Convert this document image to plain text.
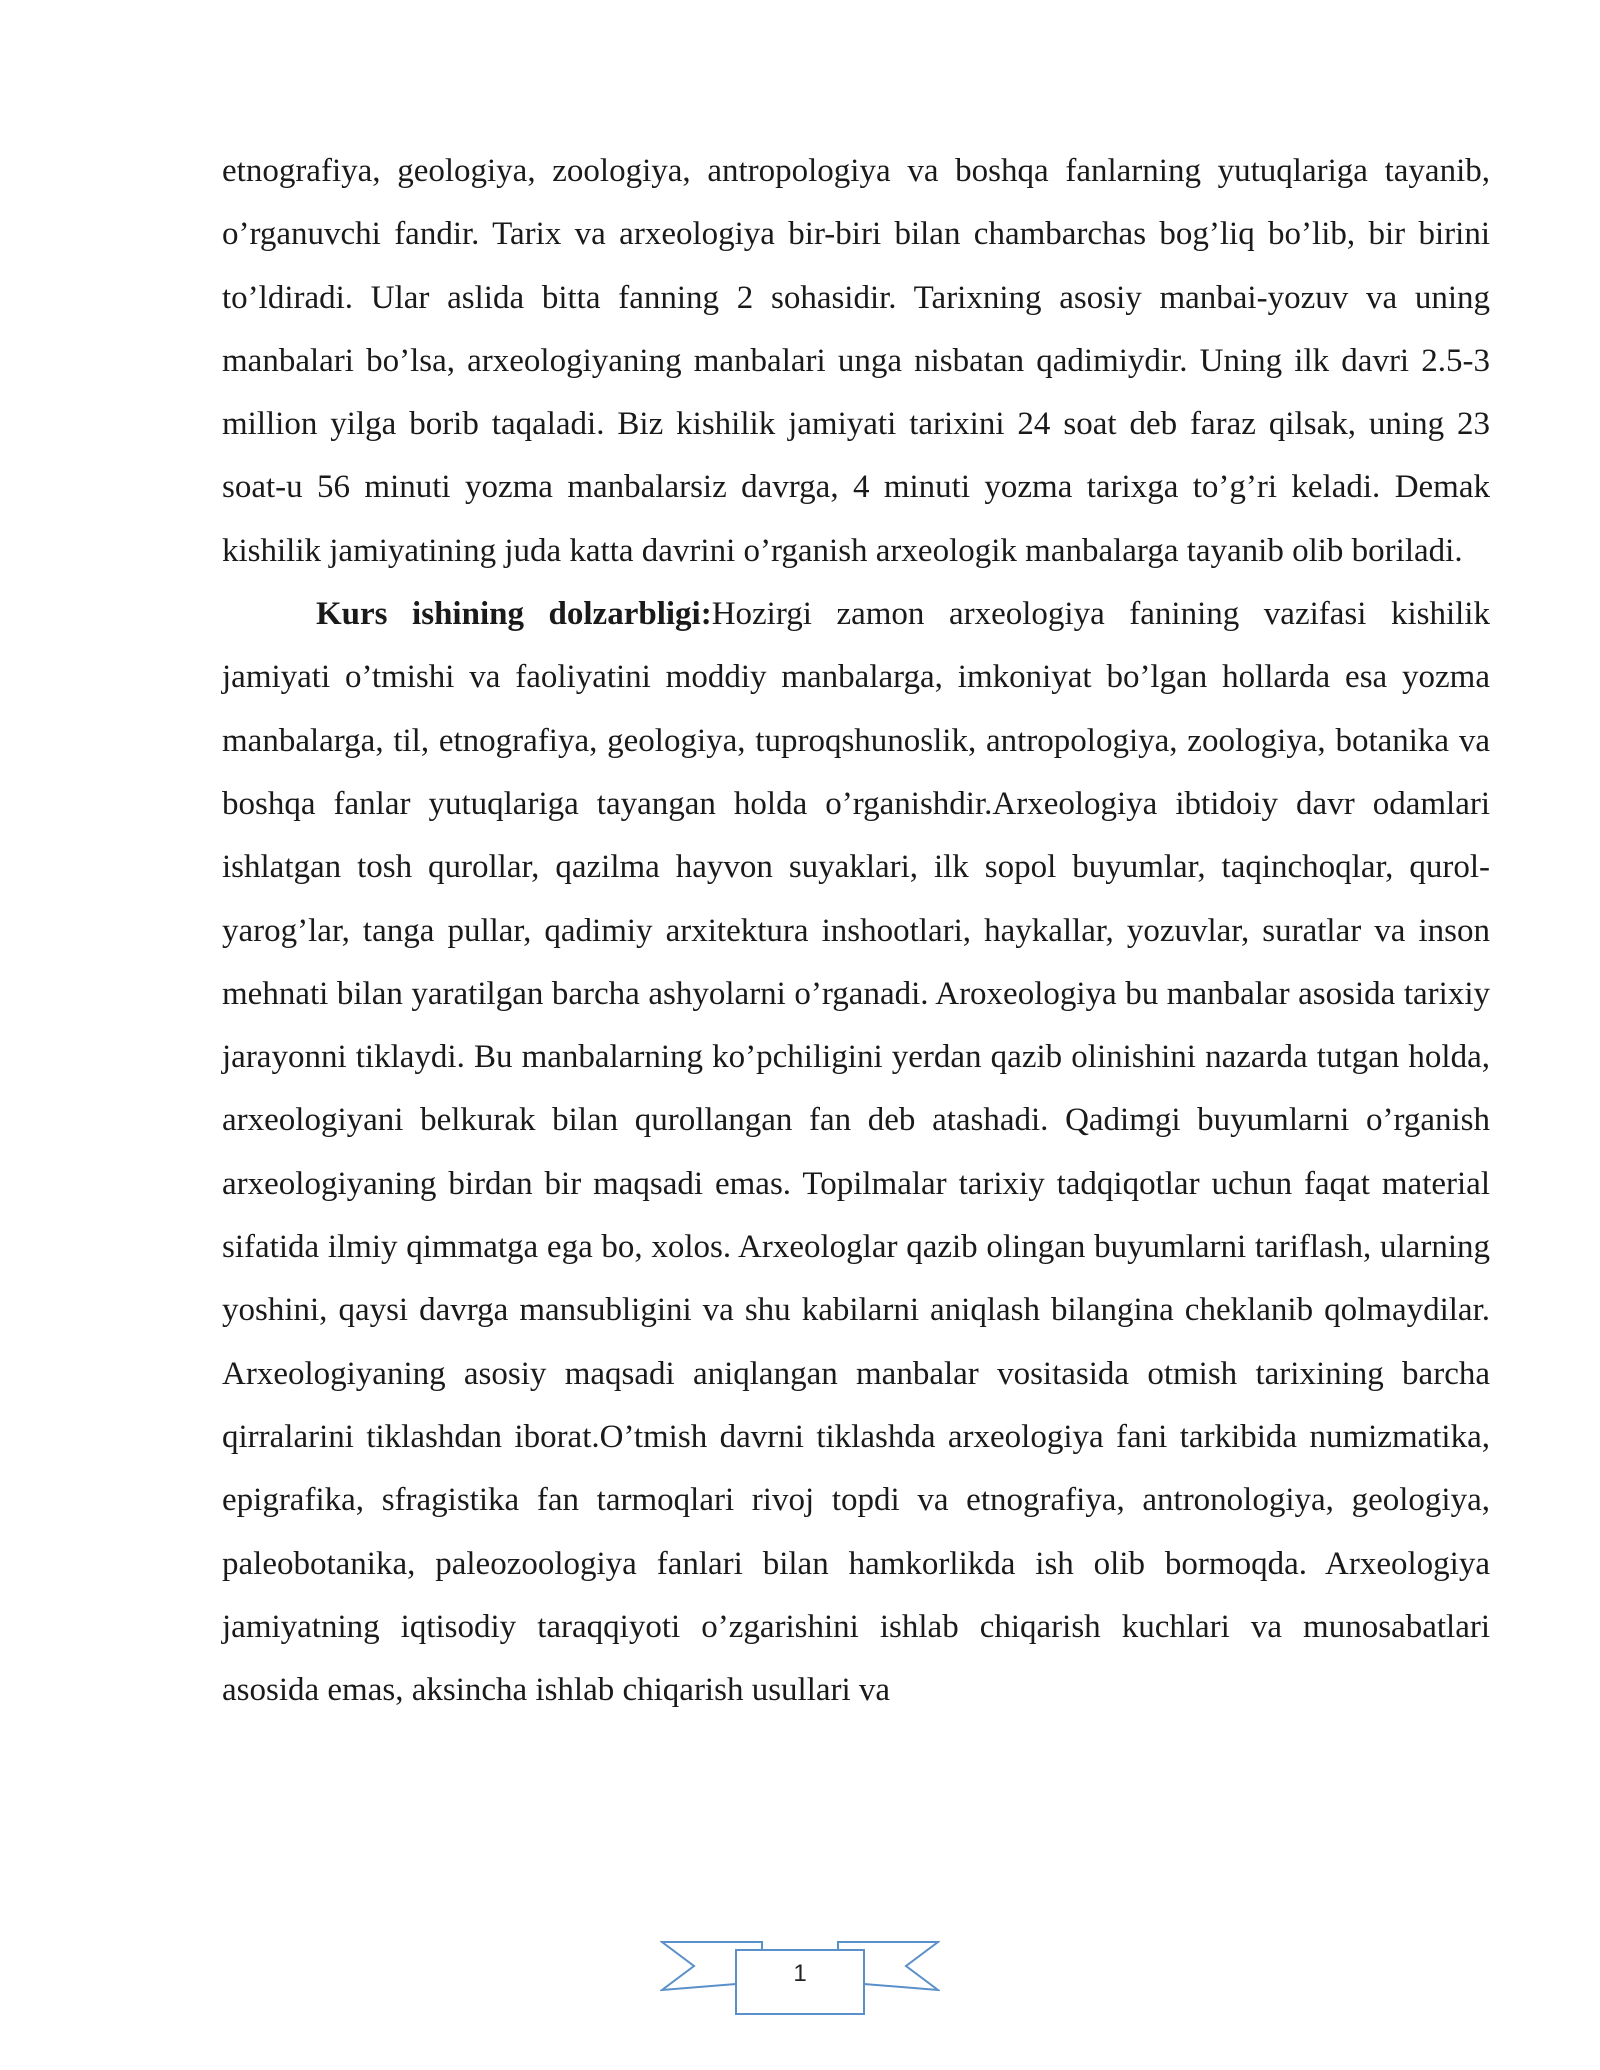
etnografiya, geologiya, zoologiya, antropologiya va boshqa fanlarning yutuqlariga tayanib, o’rganuvchi fandir. Tarix va arxeologiya bir-biri bilan chambarchas bog’liq bo’lib, bir birini to’ldiradi. Ular aslida bitta fanning 2 sohasidir. Tarixning asosiy manbai-yozuv va uning manbalari bo’lsa, arxeologiyaning manbalari unga nisbatan qadimiydir. Uning ilk davri 2.5-3 million yilga borib taqaladi. Biz kishilik jamiyati tarixini 24 soat deb faraz qilsak, uning 23 soat-u 56 minuti yozma manbalarsiz davrga, 4 minuti yozma tarixga to’g’ri keladi. Demak kishilik jamiyatining juda katta davrini o’rganish arxeologik manbalarga tayanib olib boriladi.

Kurs ishining dolzarbligi:Hozirgi zamon arxeologiya fanining vazifasi kishilik jamiyati o’tmishi va faoliyatini moddiy manbalarga, imkoniyat bo’lgan hollarda esa yozma manbalarga, til, etnografiya, geologiya, tuproqshunoslik, antropologiya, zoologiya, botanika va boshqa fanlar yutuqlariga tayangan holda o’rganishdir.Arxeologiya ibtidoiy davr odamlari ishlatgan tosh qurollar, qazilma hayvon suyaklari, ilk sopol buyumlar, taqinchoqlar, qurol-yarog’lar, tanga pullar, qadimiy arxitektura inshootlari, haykallar, yozuvlar, suratlar va inson mehnati bilan yaratilgan barcha ashyolarni o’rganadi. Aroxeologiya bu manbalar asosida tarixiy jarayonni tiklaydi. Bu manbalarning ko’pchiligini yerdan qazib olinishini nazarda tutgan holda, arxeologiyani belkurak bilan qurollangan fan deb atashadi. Qadimgi buyumlarni o’rganish arxeologiyaning birdan bir maqsadi emas. Topilmalar tarixiy tadqiqotlar uchun faqat material sifatida ilmiy qimmatga ega bo, xolos. Arxeologlar qazib olingan buyumlarni tariflash, ularning yoshini, qaysi davrga mansubligini va shu kabilarni aniqlash bilangina cheklanib qolmaydilar. Arxeologiyaning asosiy maqsadi aniqlangan manbalar vositasida otmish tarixining barcha qirralarini tiklashdan iborat.O’tmish davrni tiklashda arxeologiya fani tarkibida numizmatika, epigrafika, sfragistika fan tarmoqlari rivoj topdi va etnografiya, antronologiya, geologiya, paleobotanika, paleozoologiya fanlari bilan hamkorlikda ish olib bormoqda. Arxeologiya jamiyatning iqtisodiy taraqqiyoti o’zgarishini ishlab chiqarish kuchlari va munosabatlari asosida emas, aksincha ishlab chiqarish usullari va

1
